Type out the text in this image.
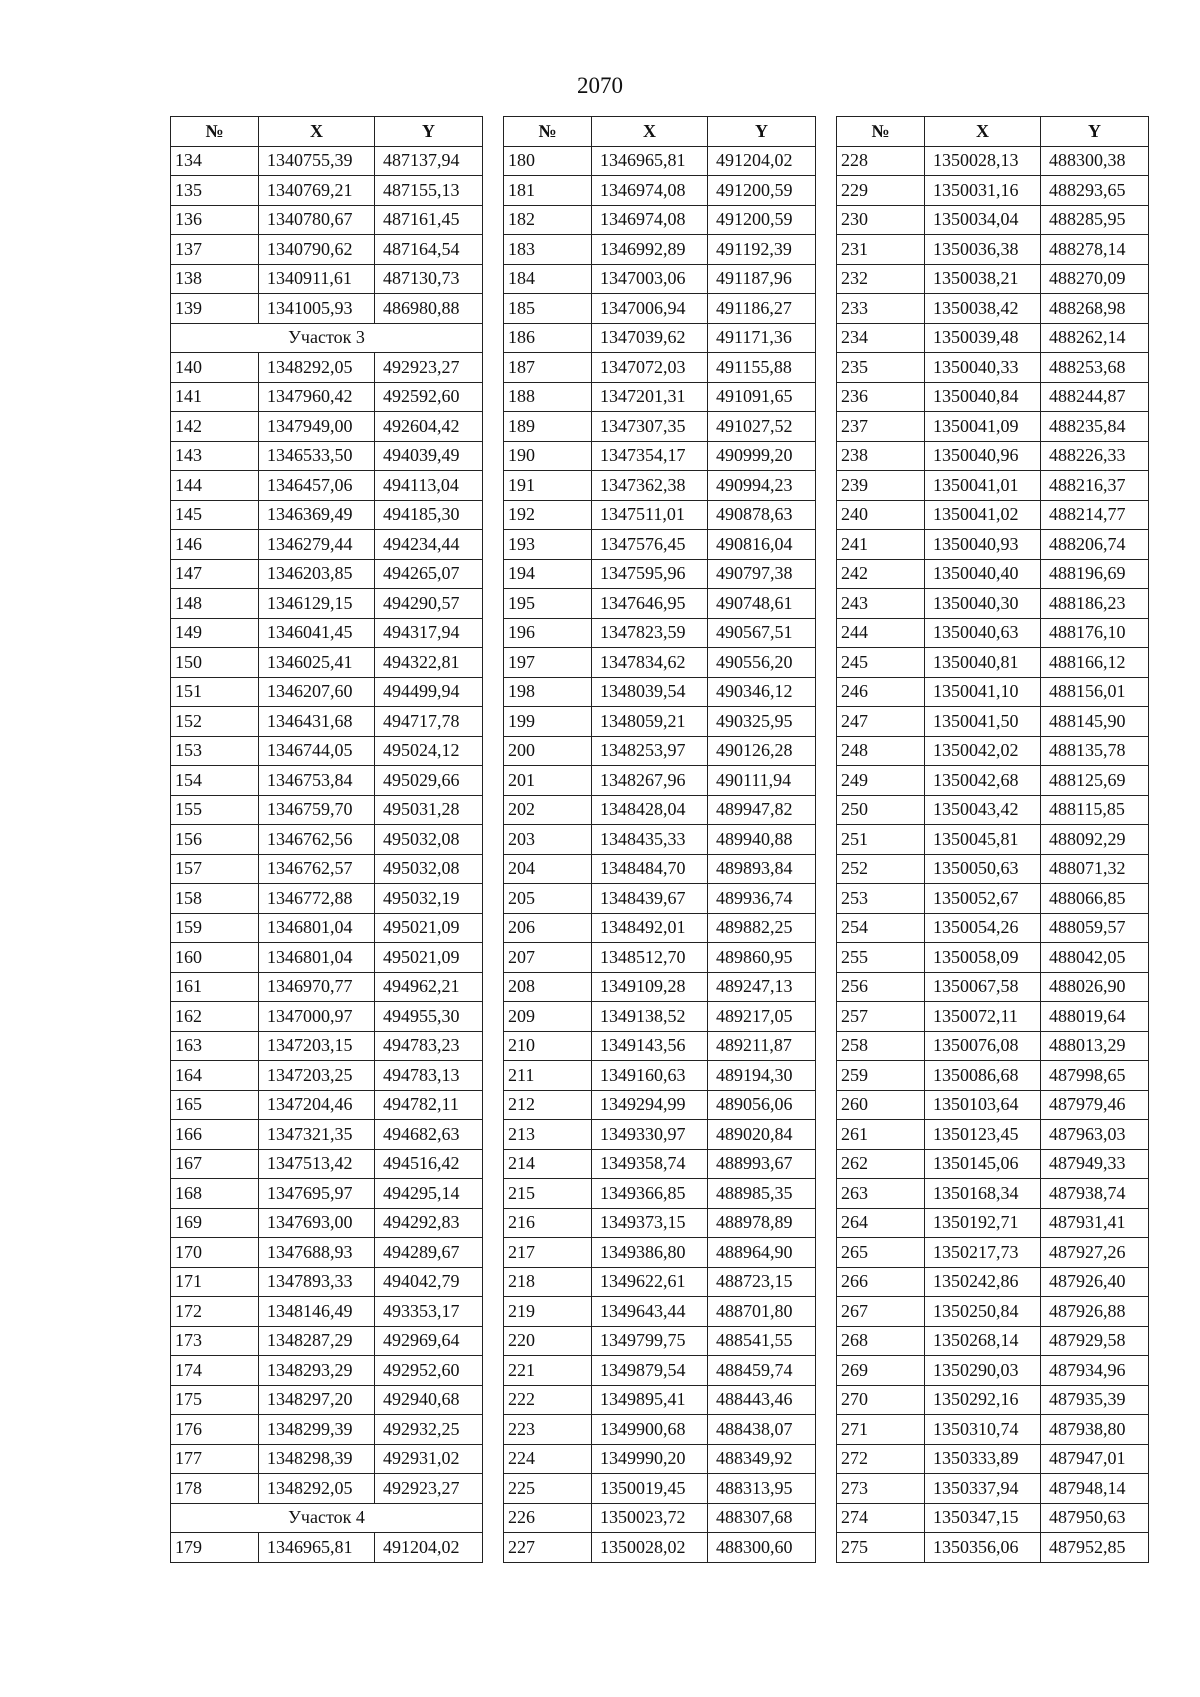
2070
№	X	Y
134	1340755,39	487137,94
135	1340769,21	487155,13
136	1340780,67	487161,45
137	1340790,62	487164,54
138	1340911,61	487130,73
139	1341005,93	486980,88
Участок 3		
140	1348292,05	492923,27
141	1347960,42	492592,60
142	1347949,00	492604,42
143	1346533,50	494039,49
144	1346457,06	494113,04
145	1346369,49	494185,30
146	1346279,44	494234,44
147	1346203,85	494265,07
148	1346129,15	494290,57
149	1346041,45	494317,94
150	1346025,41	494322,81
151	1346207,60	494499,94
152	1346431,68	494717,78
153	1346744,05	495024,12
154	1346753,84	495029,66
155	1346759,70	495031,28
156	1346762,56	495032,08
157	1346762,57	495032,08
158	1346772,88	495032,19
159	1346801,04	495021,09
160	1346801,04	495021,09
161	1346970,77	494962,21
162	1347000,97	494955,30
163	1347203,15	494783,23
164	1347203,25	494783,13
165	1347204,46	494782,11
166	1347321,35	494682,63
167	1347513,42	494516,42
168	1347695,97	494295,14
169	1347693,00	494292,83
170	1347688,93	494289,67
171	1347893,33	494042,79
172	1348146,49	493353,17
173	1348287,29	492969,64
174	1348293,29	492952,60
175	1348297,20	492940,68
176	1348299,39	492932,25
177	1348298,39	492931,02
178	1348292,05	492923,27
Участок 4		
179	1346965,81	491204,02
№	X	Y
180	1346965,81	491204,02
181	1346974,08	491200,59
182	1346974,08	491200,59
183	1346992,89	491192,39
184	1347003,06	491187,96
185	1347006,94	491186,27
186	1347039,62	491171,36
187	1347072,03	491155,88
188	1347201,31	491091,65
189	1347307,35	491027,52
190	1347354,17	490999,20
191	1347362,38	490994,23
192	1347511,01	490878,63
193	1347576,45	490816,04
194	1347595,96	490797,38
195	1347646,95	490748,61
196	1347823,59	490567,51
197	1347834,62	490556,20
198	1348039,54	490346,12
199	1348059,21	490325,95
200	1348253,97	490126,28
201	1348267,96	490111,94
202	1348428,04	489947,82
203	1348435,33	489940,88
204	1348484,70	489893,84
205	1348439,67	489936,74
206	1348492,01	489882,25
207	1348512,70	489860,95
208	1349109,28	489247,13
209	1349138,52	489217,05
210	1349143,56	489211,87
211	1349160,63	489194,30
212	1349294,99	489056,06
213	1349330,97	489020,84
214	1349358,74	488993,67
215	1349366,85	488985,35
216	1349373,15	488978,89
217	1349386,80	488964,90
218	1349622,61	488723,15
219	1349643,44	488701,80
220	1349799,75	488541,55
221	1349879,54	488459,74
222	1349895,41	488443,46
223	1349900,68	488438,07
224	1349990,20	488349,92
225	1350019,45	488313,95
226	1350023,72	488307,68
227	1350028,02	488300,60
№	X	Y
228	1350028,13	488300,38
229	1350031,16	488293,65
230	1350034,04	488285,95
231	1350036,38	488278,14
232	1350038,21	488270,09
233	1350038,42	488268,98
234	1350039,48	488262,14
235	1350040,33	488253,68
236	1350040,84	488244,87
237	1350041,09	488235,84
238	1350040,96	488226,33
239	1350041,01	488216,37
240	1350041,02	488214,77
241	1350040,93	488206,74
242	1350040,40	488196,69
243	1350040,30	488186,23
244	1350040,63	488176,10
245	1350040,81	488166,12
246	1350041,10	488156,01
247	1350041,50	488145,90
248	1350042,02	488135,78
249	1350042,68	488125,69
250	1350043,42	488115,85
251	1350045,81	488092,29
252	1350050,63	488071,32
253	1350052,67	488066,85
254	1350054,26	488059,57
255	1350058,09	488042,05
256	1350067,58	488026,90
257	1350072,11	488019,64
258	1350076,08	488013,29
259	1350086,68	487998,65
260	1350103,64	487979,46
261	1350123,45	487963,03
262	1350145,06	487949,33
263	1350168,34	487938,74
264	1350192,71	487931,41
265	1350217,73	487927,26
266	1350242,86	487926,40
267	1350250,84	487926,88
268	1350268,14	487929,58
269	1350290,03	487934,96
270	1350292,16	487935,39
271	1350310,74	487938,80
272	1350333,89	487947,01
273	1350337,94	487948,14
274	1350347,15	487950,63
275	1350356,06	487952,85
